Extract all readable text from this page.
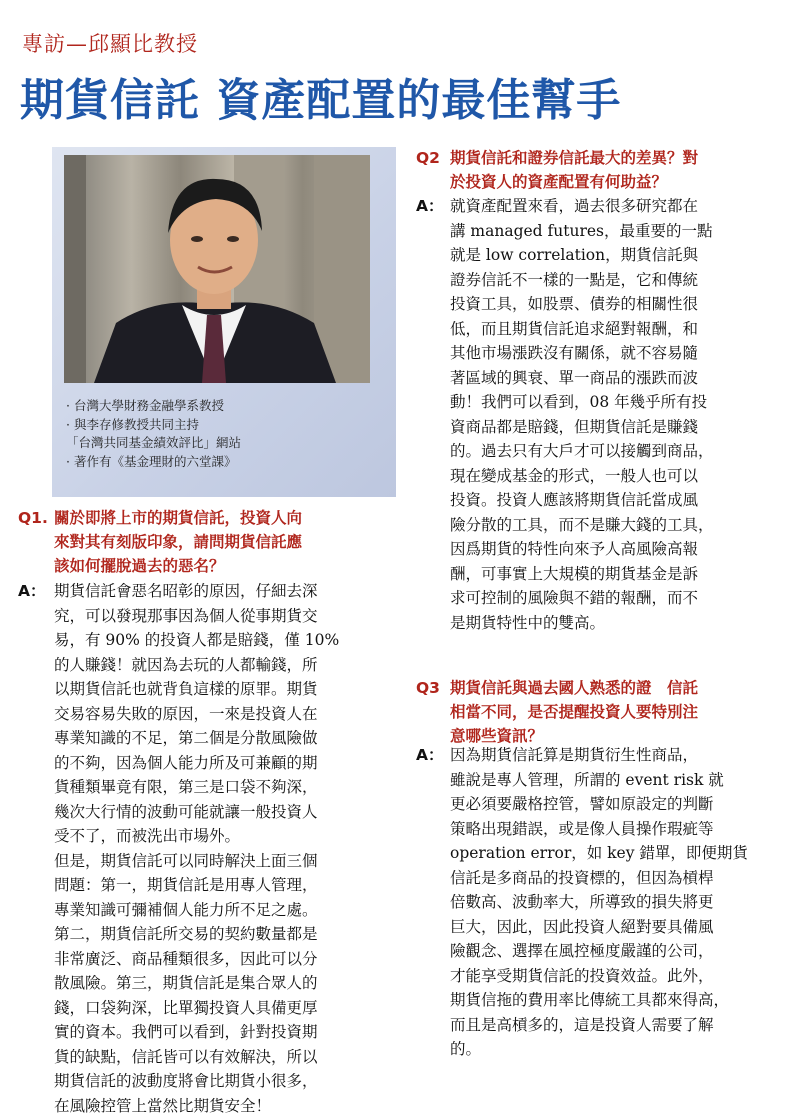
專訪—邱顯比教授
期貨信託 資產配置的最佳幫手
· 台灣大學財務金融學系教授
· 與李存修教授共同主持
「台灣共同基金績效評比」網站
· 著作有《基金理財的六堂課》
Q1. 關於即將上市的期貨信託，投資人向
來對其有刻版印象，請問期貨信託應
該如何擺脫過去的惡名？
A： 期貨信託會惡名昭彰的原因，仔細去深
究，可以發現那事因為個人從事期貨交
易，有 90% 的投資人都是賠錢，僅 10%
的人賺錢！就因為去玩的人都輸錢，所
以期貨信託也就背負這樣的原罪。期貨
交易容易失敗的原因，一來是投資人在
專業知識的不足，第二個是分散風險做
的不夠，因為個人能力所及可兼顧的期
貨種類畢竟有限，第三是口袋不夠深，
幾次大行情的波動可能就讓一般投資人
受不了，而被洗出市場外。
但是，期貨信託可以同時解決上面三個
問題：第一，期貨信託是用專人管理，
專業知識可彌補個人能力所不足之處。
第二，期貨信託所交易的契約數量都是
非常廣泛、商品種類很多，因此可以分
散風險。第三，期貨信託是集合眾人的
錢，口袋夠深，比單獨投資人具備更厚
實的資本。我們可以看到，針對投資期
貨的缺點，信託皆可以有效解決，所以
期貨信託的波動度將會比期貨小很多，
在風險控管上當然比期貨安全！
Q2 期貨信託和證券信託最大的差異？對
於投資人的資產配置有何助益？
A： 就資產配置來看，過去很多研究都在
講 managed futures，最重要的一點
就是 low correlation，期貨信託與
證券信託不一樣的一點是，它和傳統
投資工具，如股票、債券的相關性很
低，而且期貨信託追求絕對報酬，和
其他市場漲跌沒有關係，就不容易隨
著區域的興衰、單一商品的漲跌而波
動！我們可以看到，08 年幾乎所有投
資商品都是賠錢，但期貨信託是賺錢
的。過去只有大戶才可以接觸到商品，
現在變成基金的形式，一般人也可以
投資。投資人應該將期貨信託當成風
險分散的工具，而不是賺大錢的工具，
因爲期貨的特性向來予人高風險高報
酬，可事實上大規模的期貨基金是訴
求可控制的風險與不錯的報酬，而不
是期貨特性中的雙高。
Q3 期貨信託與過去國人熟悉的證　信託
相當不同，是否提醒投資人要特別注
意哪些資訊？
A： 因為期貨信託算是期貨衍生性商品，
雖說是專人管理，所謂的 event risk 就
更必須要嚴格控管，譬如原設定的判斷
策略出現錯誤，或是像人員操作瑕疵等
operation error，如 key 錯單，即便期貨
信託是多商品的投資標的，但因為槓桿
倍數高、波動率大，所導致的損失將更
巨大，因此，因此投資人絕對要具備風
險觀念、選擇在風控極度嚴謹的公司，
才能享受期貨信託的投資效益。此外，
期貨信拖的費用率比傳統工具都來得高，
而且是高槓多的，這是投資人需要了解
的。
